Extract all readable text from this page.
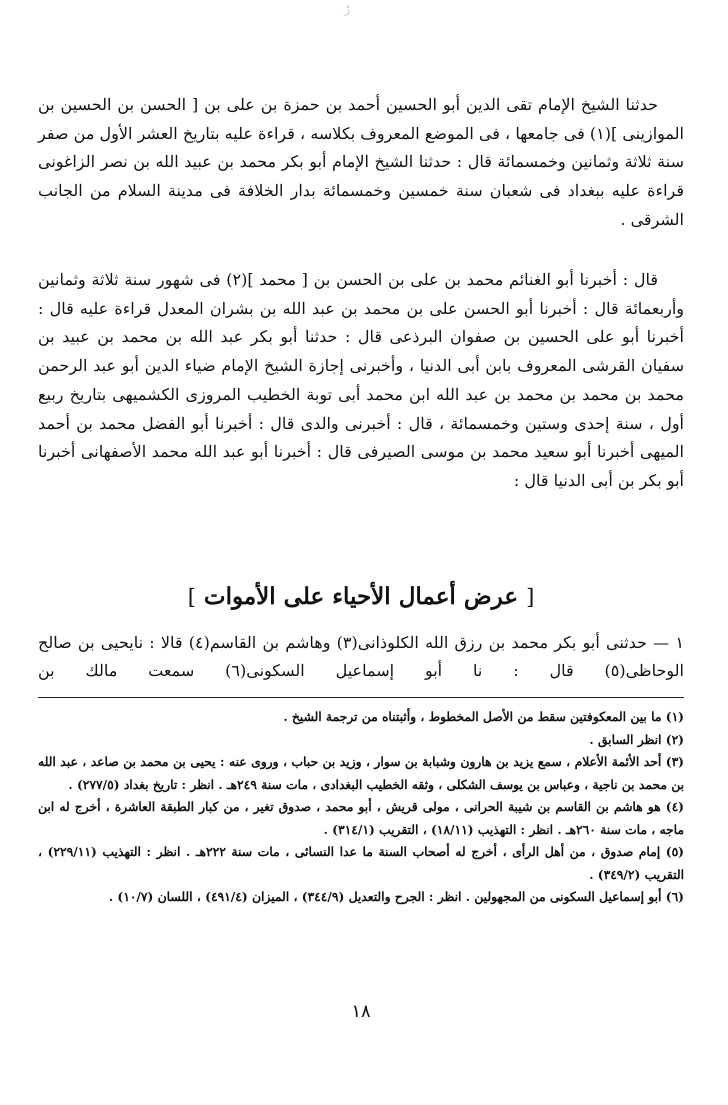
ڑ

حدثنا الشيخ الإمام تقى الدين أبو الحسين أحمد بن حمزة بن على بن [ الحسن بن الحسين بن الموازينى ](١) فى جامعها ، فى الموضع المعروف بكلاسه ، قراءة عليه بتاريخ العشر الأول من صفر سنة ثلاثة وثمانين وخمسمائة قال : حدثنا الشيخ الإمام أبو بكر محمد بن عبيد الله بن نصر الزاغونى قراءة عليه ببغداد فى شعبان سنة خمسين وخمسمائة بدار الخلافة فى مدينة السلام من الجانب الشرقى .

قال : أخبرنا أبو الغنائم محمد بن على بن الحسن بن [ محمد ](٢) فى شهور سنة ثلاثة وثمانين وأربعمائة قال : أخبرنا أبو الحسن على بن محمد بن عبد الله بن بشران المعدل قراءة عليه قال : أخبرنا أبو على الحسين بن صفوان البرذعى قال : حدثنا أبو بكر عبد الله بن محمد بن عبيد بن سفيان القرشى المعروف بابن أبى الدنيا ، وأخبرنى إجازة الشيخ الإمام ضياء الدين أبو عبد الرحمن محمد بن محمد بن محمد بن عبد الله ابن محمد أبى توبة الخطيب المروزى الكشميهى بتاريخ ربيع أول ، سنة إحدى وستين وخمسمائة ، قال : أخبرنى والدى قال : أخبرنا أبو الفضل محمد بن أحمد الميهى أخبرنا أبو سعيد محمد بن موسى الصيرفى قال : أخبرنا أبو عبد الله محمد الأصفهانى أخبرنا أبو بكر بن أبى الدنيا قال :

[ عرض أعمال الأحياء على الأموات ]
١ — حدثنى أبو بكر محمد بن رزق الله الكلوذانى(٣) وهاشم بن القاسم(٤) قالا : نايحيى بن صالح الوحاظى(٥) قال : نا أبو إسماعيل السكونى(٦) سمعت مالك بن

(١) ما بين المعكوفتين سقط من الأصل المخطوط ، وأثبتناه من ترجمة الشيخ .

(٢) انظر السابق .

(٣) أحد الأئمة الأعلام ، سمع يزيد بن هارون وشبابة بن سوار ، وزيد بن حباب ، وروى عنه : يحيى بن محمد بن صاعد ، عبد الله بن محمد بن ناجية ، وعباس بن يوسف الشكلى ، وثقه الخطيب البغدادى ، مات سنة ٢٤٩هـ . انظر : تاريخ بغداد (٢٧٧/٥) .

(٤) هو هاشم بن القاسم بن شيبة الحرانى ، مولى قريش ، أبو محمد ، صدوق تغير ، من كبار الطبقة العاشرة ، أخرج له ابن ماجه ، مات سنة ٢٦٠هـ . انظر : التهذيب (١٨/١١) ، التقريب (٣١٤/١) .

(٥) إمام صدوق ، من أهل الرأى ، أخرج له أصحاب السنة ما عدا النسائى ، مات سنة ٢٢٢هـ . انظر : التهذيب (٢٢٩/١١) ، التقريب (٣٤٩/٢) .

(٦) أبو إسماعيل السكونى من المجهولين . انظر : الجرح والتعديل (٣٤٤/٩) ، الميزان (٤٩١/٤) ، اللسان (١٠/٧) .

١٨
